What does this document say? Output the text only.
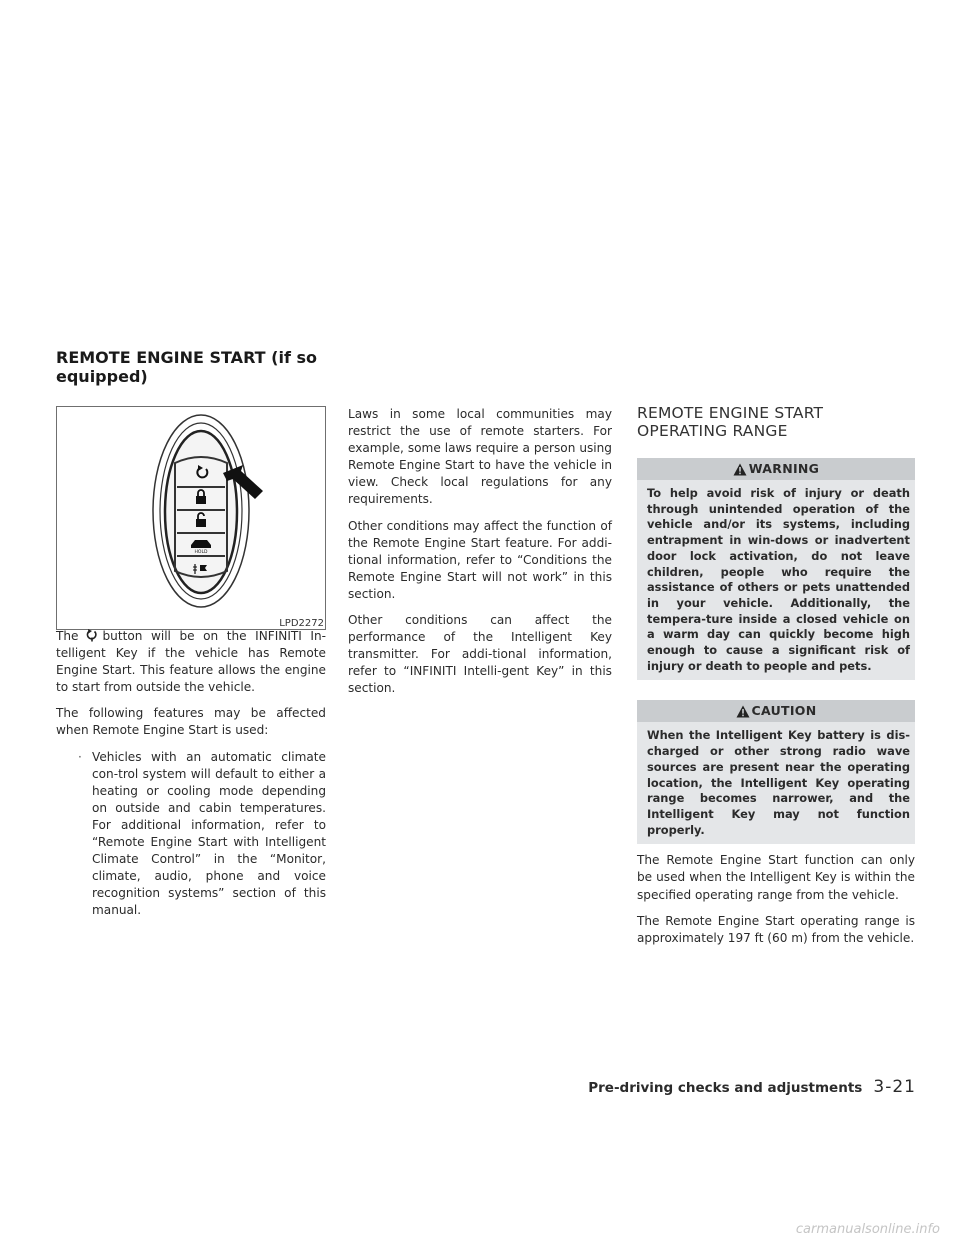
REMOTE ENGINE START (if so
equipped)
HOLD
LPD2272

The button will be on the INFINITI In-telligent Key if the vehicle has Remote Engine Start. This feature allows the engine to start from outside the vehicle.

The following features may be affected when Remote Engine Start is used:

· Vehicles with an automatic climate con-trol system will default to either a heating or cooling mode depending on outside and cabin temperatures. For additional information, refer to “Remote Engine Start with Intelligent Climate Control” in the “Monitor, climate, audio, phone and voice recognition systems” section of this manual.

Laws in some local communities may restrict the use of remote starters. For example, some laws require a person using Remote Engine Start to have the vehicle in view. Check local regulations for any requirements.

Other conditions may affect the function of the Remote Engine Start feature. For addi-tional information, refer to “Conditions the Remote Engine Start will not work” in this section.

Other conditions can affect the performance of the Intelligent Key transmitter. For addi-tional information, refer to “INFINITI Intelli-gent Key” in this section.

REMOTE ENGINE START
OPERATING RANGE
WARNING
To help avoid risk of injury or death through unintended operation of the vehicle and/or its systems, including entrapment in win-dows or inadvertent door lock activation, do not leave children, people who require the assistance of others or pets unattended in your vehicle. Additionally, the tempera-ture inside a closed vehicle on a warm day can quickly become high enough to cause a significant risk of injury or death to people and pets.
CAUTION
When the Intelligent Key battery is dis-charged or other strong radio wave sources are present near the operating location, the Intelligent Key operating range becomes narrower, and the Intelligent Key may not function properly.

The Remote Engine Start function can only be used when the Intelligent Key is within the specified operating range from the vehicle.

The Remote Engine Start operating range is approximately 197 ft (60 m) from the vehicle.

Pre-driving checks and adjustments 3-21
carmanualsonline.info
